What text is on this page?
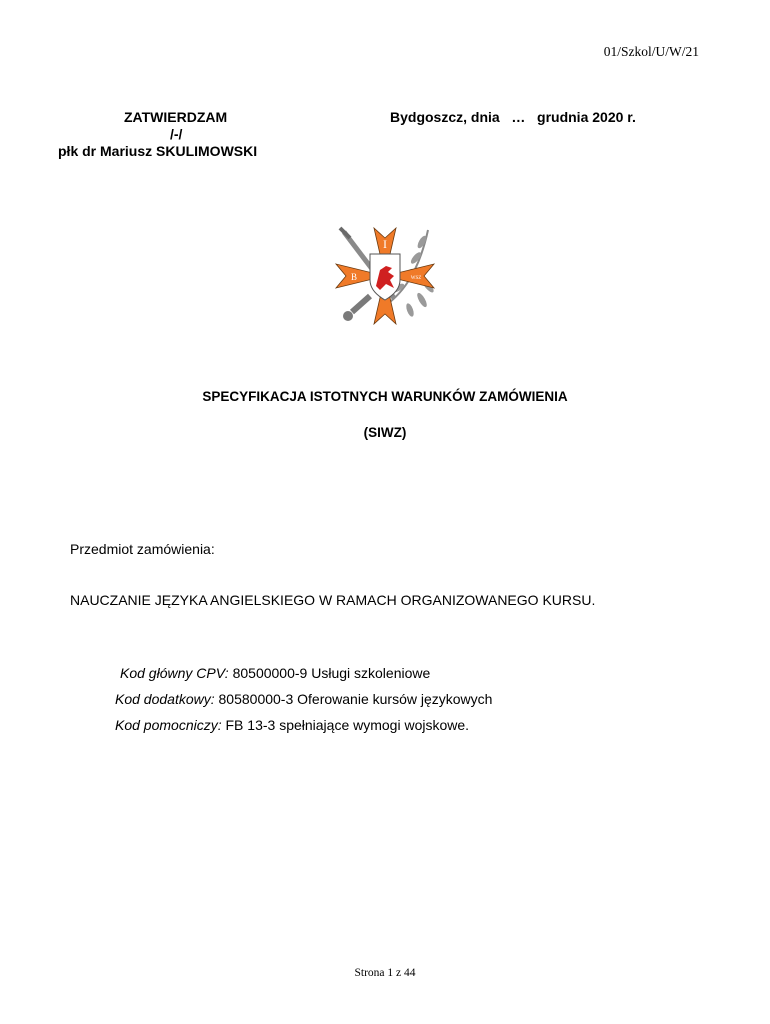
01/Szkol/U/W/21
ZATWIERDZAM
/-/
płk dr Mariusz SKULIMOWSKI
Bydgoszcz, dnia   …   grudnia 2020 r.
I
B	WSZ
SPECYFIKACJA ISTOTNYCH WARUNKÓW ZAMÓWIENIA
(SIWZ)
Przedmiot zamówienia:
NAUCZANIE JĘZYKA ANGIELSKIEGO W RAMACH ORGANIZOWANEGO KURSU.
Kod główny CPV: 80500000-9 Usługi szkoleniowe
Kod dodatkowy: 80580000-3 Oferowanie kursów językowych
Kod pomocniczy: FB 13-3 spełniające wymogi wojskowe.
Strona 1 z 44
